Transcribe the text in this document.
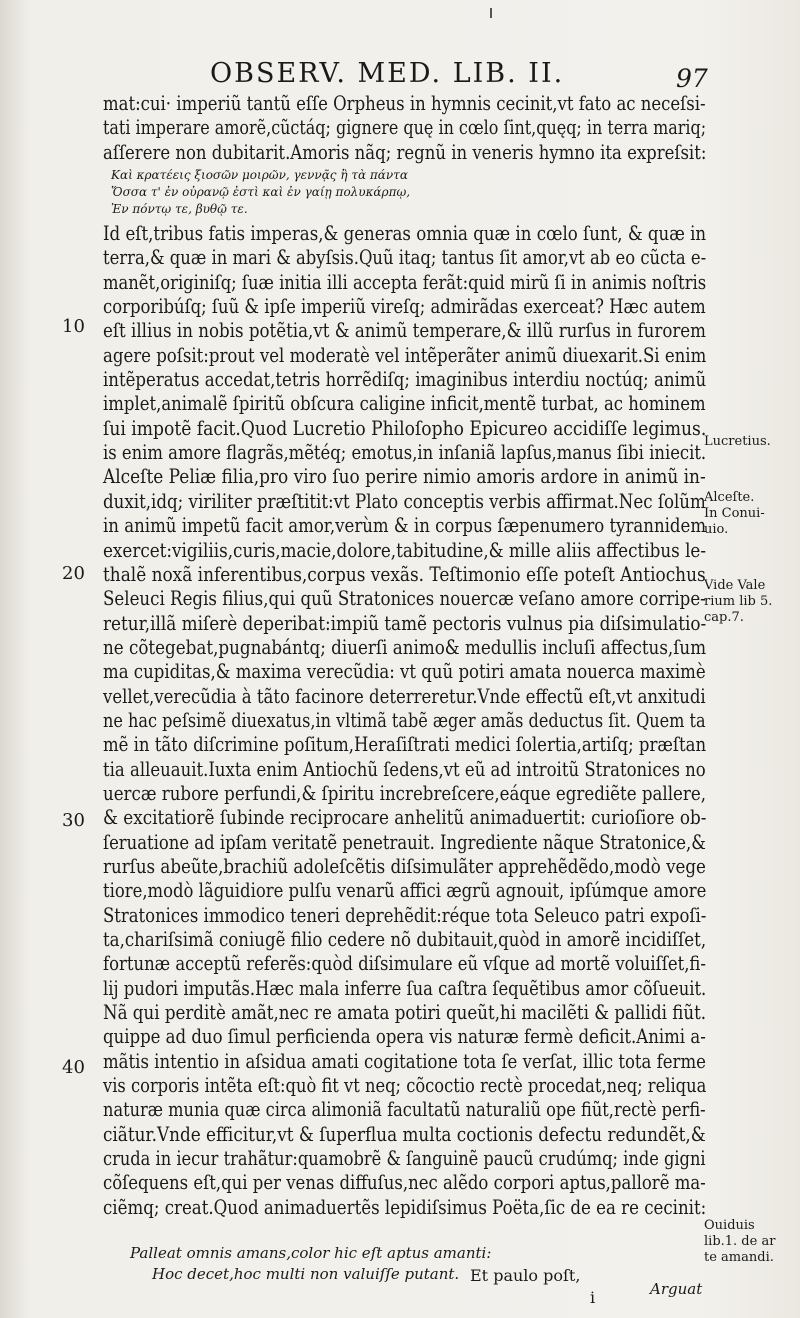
OBSERV. MED. LIB. II.	97
mat:cui· imperiũ tantũ eſſe Orpheus in hymnis cecinit,vt fato ac neceſsi-
tati imperare amorẽ,cũctáq; gignere quę in cœlo ſint,quęq; in terra mariq;
aſſerere non dubitarit.Amoris nãq; regnũ in veneris hymno ita expreſsit:
Καὶ κρατέεις ξιοσῶν μοιρῶν, γεννᾷς ἢ τὰ πάντα
Ὅσσα τ' ἐν οὐρανῷ ἐστὶ καὶ ἐν γαίῃ πολυκάρπῳ,
Ἐν πόντῳ τε, βυθῷ τε.
Id eſt,tribus fatis imperas,& generas omnia quæ in cœlo ſunt, & quæ in
terra,& quæ in mari & abyſsis.Quũ itaq; tantus ſit amor,vt ab eo cũcta e-
manẽt,originiſq; ſuæ initia illi accepta ferãt:quid mirũ ſi in animis noſtris
corporibúſq; ſuũ & ipſe imperiũ vireſq; admirãdas exerceat? Hæc autem
eſt illius in nobis potẽtia,vt & animũ temperare,& illũ rurſus in furorem
agere poſsit:prout vel moderatè vel intẽperãter animũ diuexarit.Si enim
intẽperatus accedat,tetris horrẽdiſq; imaginibus interdiu noctúq; animũ
implet,animalẽ ſpiritũ obſcura caligine inficit,mentẽ turbat, ac hominem
ſui impotẽ facit.Quod Lucretio Philoſopho Epicureo accidiſſe legimus.
is enim amore flagrãs,mẽtéq; emotus,in inſaniã lapſus,manus ſibi iniecit.
Alceſte Peliæ filia,pro viro ſuo perire nimio amoris ardore in animũ in-
duxit,idq; viriliter præſtitit:vt Plato conceptis verbis affirmat.Nec ſolũm
in animũ impetũ facit amor,verùm & in corpus ſæpenumero tyrannidem
exercet:vigiliis,curis,macie,dolore,tabitudine,& mille aliis affectibus le-
thalẽ noxã inferentibus,corpus vexãs. Teſtimonio eſſe poteſt Antiochus
Seleuci Regis filius,qui quũ Stratonices nouercæ veſano amore corripe-
retur,illã miſerè deperibat:impiũ tamẽ pectoris vulnus pia diſsimulatio-
ne cõtegebat,pugnabántq; diuerſi animo& medullis incluſi affectus,ſum
ma cupiditas,& maxima verecũdia: vt quũ potiri amata nouerca maximè
vellet,verecũdia à tãto facinore deterreretur.Vnde effectũ eſt,vt anxitudi
ne hac peſsimẽ diuexatus,in vltimã tabẽ æger amãs deductus ſit. Quem ta
mẽ in tãto diſcrimine poſitum,Heraſiſtrati medici ſolertia,artiſq; præſtan
tia alleuauit.Iuxta enim Antiochũ ſedens,vt eũ ad introitũ Stratonices no
uercæ rubore perfundi,& ſpiritu increbreſcere,eáque egrediẽte pallere,
& excitatiorẽ ſubinde reciprocare anhelitũ animaduertit: curioſiore ob-
ſeruatione ad ipſam veritatẽ penetrauit. Ingrediente nãque Stratonice,&
rurſus abeũte,brachiũ adoleſcẽtis diſsimulãter apprehẽdẽdo,modò vege
tiore,modò lãguidiore pulſu venarũ affici ægrũ agnouit, ipſúmque amore
Stratonices immodico teneri deprehẽdit:réque tota Seleuco patri expoſi-
ta,chariſsimã coniugẽ filio cedere nõ dubitauit,quòd in amorẽ incidiſſet,
fortunæ acceptũ referẽs:quòd diſsimulare eũ vſque ad mortẽ voluiſſet,fi-
lij pudori imputãs.Hæc mala inferre ſua caſtra ſequẽtibus amor cõſueuit.
Nã qui perditè amãt,nec re amata potiri queũt,hi macilẽti & pallidi fiũt.
quippe ad duo ſimul perficienda opera vis naturæ fermè deficit.Animi a-
mãtis intentio in aſsidua amati cogitatione tota ſe verſat, illic tota ferme
vis corporis intẽta eſt:quò fit vt neq; cõcoctio rectè procedat,neq; reliqua
naturæ munia quæ circa alimoniã facultatũ naturaliũ ope fiũt,rectè perfi-
ciãtur.Vnde efficitur,vt & ſuperflua multa coctionis defectu redundẽt,&
cruda in iecur trahãtur:quamobrẽ & ſanguinẽ paucũ crudúmq; inde gigni
cõſequens eſt,qui per venas diffuſus,nec alẽdo corpori aptus,pallorẽ ma-
ciẽmq; creat.Quod animaduertẽs lepidiſsimus Poëta,ſic de ea re cecinit:
10
20
30
40
Lucretius.
Alceſte.
In Conui-
uio.
Vide Vale
rium lib 5.
cap.7.
Ouiduis
lib.1. de ar
te amandi.
Palleat omnis amans,color hic eſt aptus amanti:
Hoc decet,hoc multi non valuiſſe putant. Et paulo poſt,
i	Arguat
